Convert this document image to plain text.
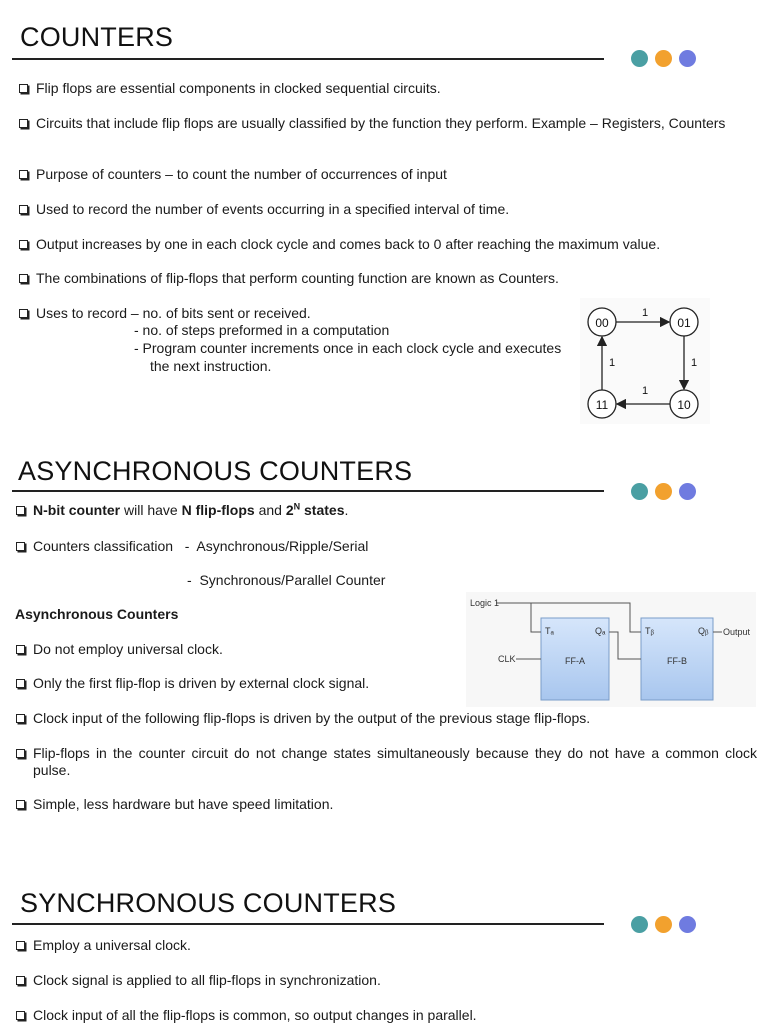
COUNTERS
Flip flops are essential components in clocked sequential circuits.
Circuits that include flip flops are usually classified by the function they perform. Example – Registers, Counters
Purpose of counters – to count the number of occurrences of input
Used to record the number of events occurring in a specified interval of time.
Output increases by one in each clock cycle and comes back to 0 after reaching the maximum value.
The combinations of flip-flops that perform counting function are known as Counters.
Uses to record – no. of bits sent or received.
- no. of steps preformed in a computation
- Program counter increments once in each clock cycle and executes
the next instruction.
00	01
10
11
1
1
1
1
ASYNCHRONOUS COUNTERS
N-bit counter will have N flip-flops and $2^N$ states.
Counters classification   -  Asynchronous/Ripple/Serial
-  Synchronous/Parallel Counter
Asynchronous Counters
Do not employ universal clock.
Only the first flip-flop is driven by external clock signal.
Clock input of the following flip-flops is driven by the output of the previous stage flip-flops.
Flip-flops in the counter circuit do not change states simultaneously because they do not have a common clock pulse.
Simple, less hardware but have speed limitation.
Logic 1
CLK
Output
FF-A	FF-B
Tₐ	Qₐ	Tᵦ	Qᵦ
SYNCHRONOUS COUNTERS
Employ a universal clock.
Clock signal is applied to all flip-flops in synchronization.
Clock input of all the flip-flops is common, so output changes in parallel.
